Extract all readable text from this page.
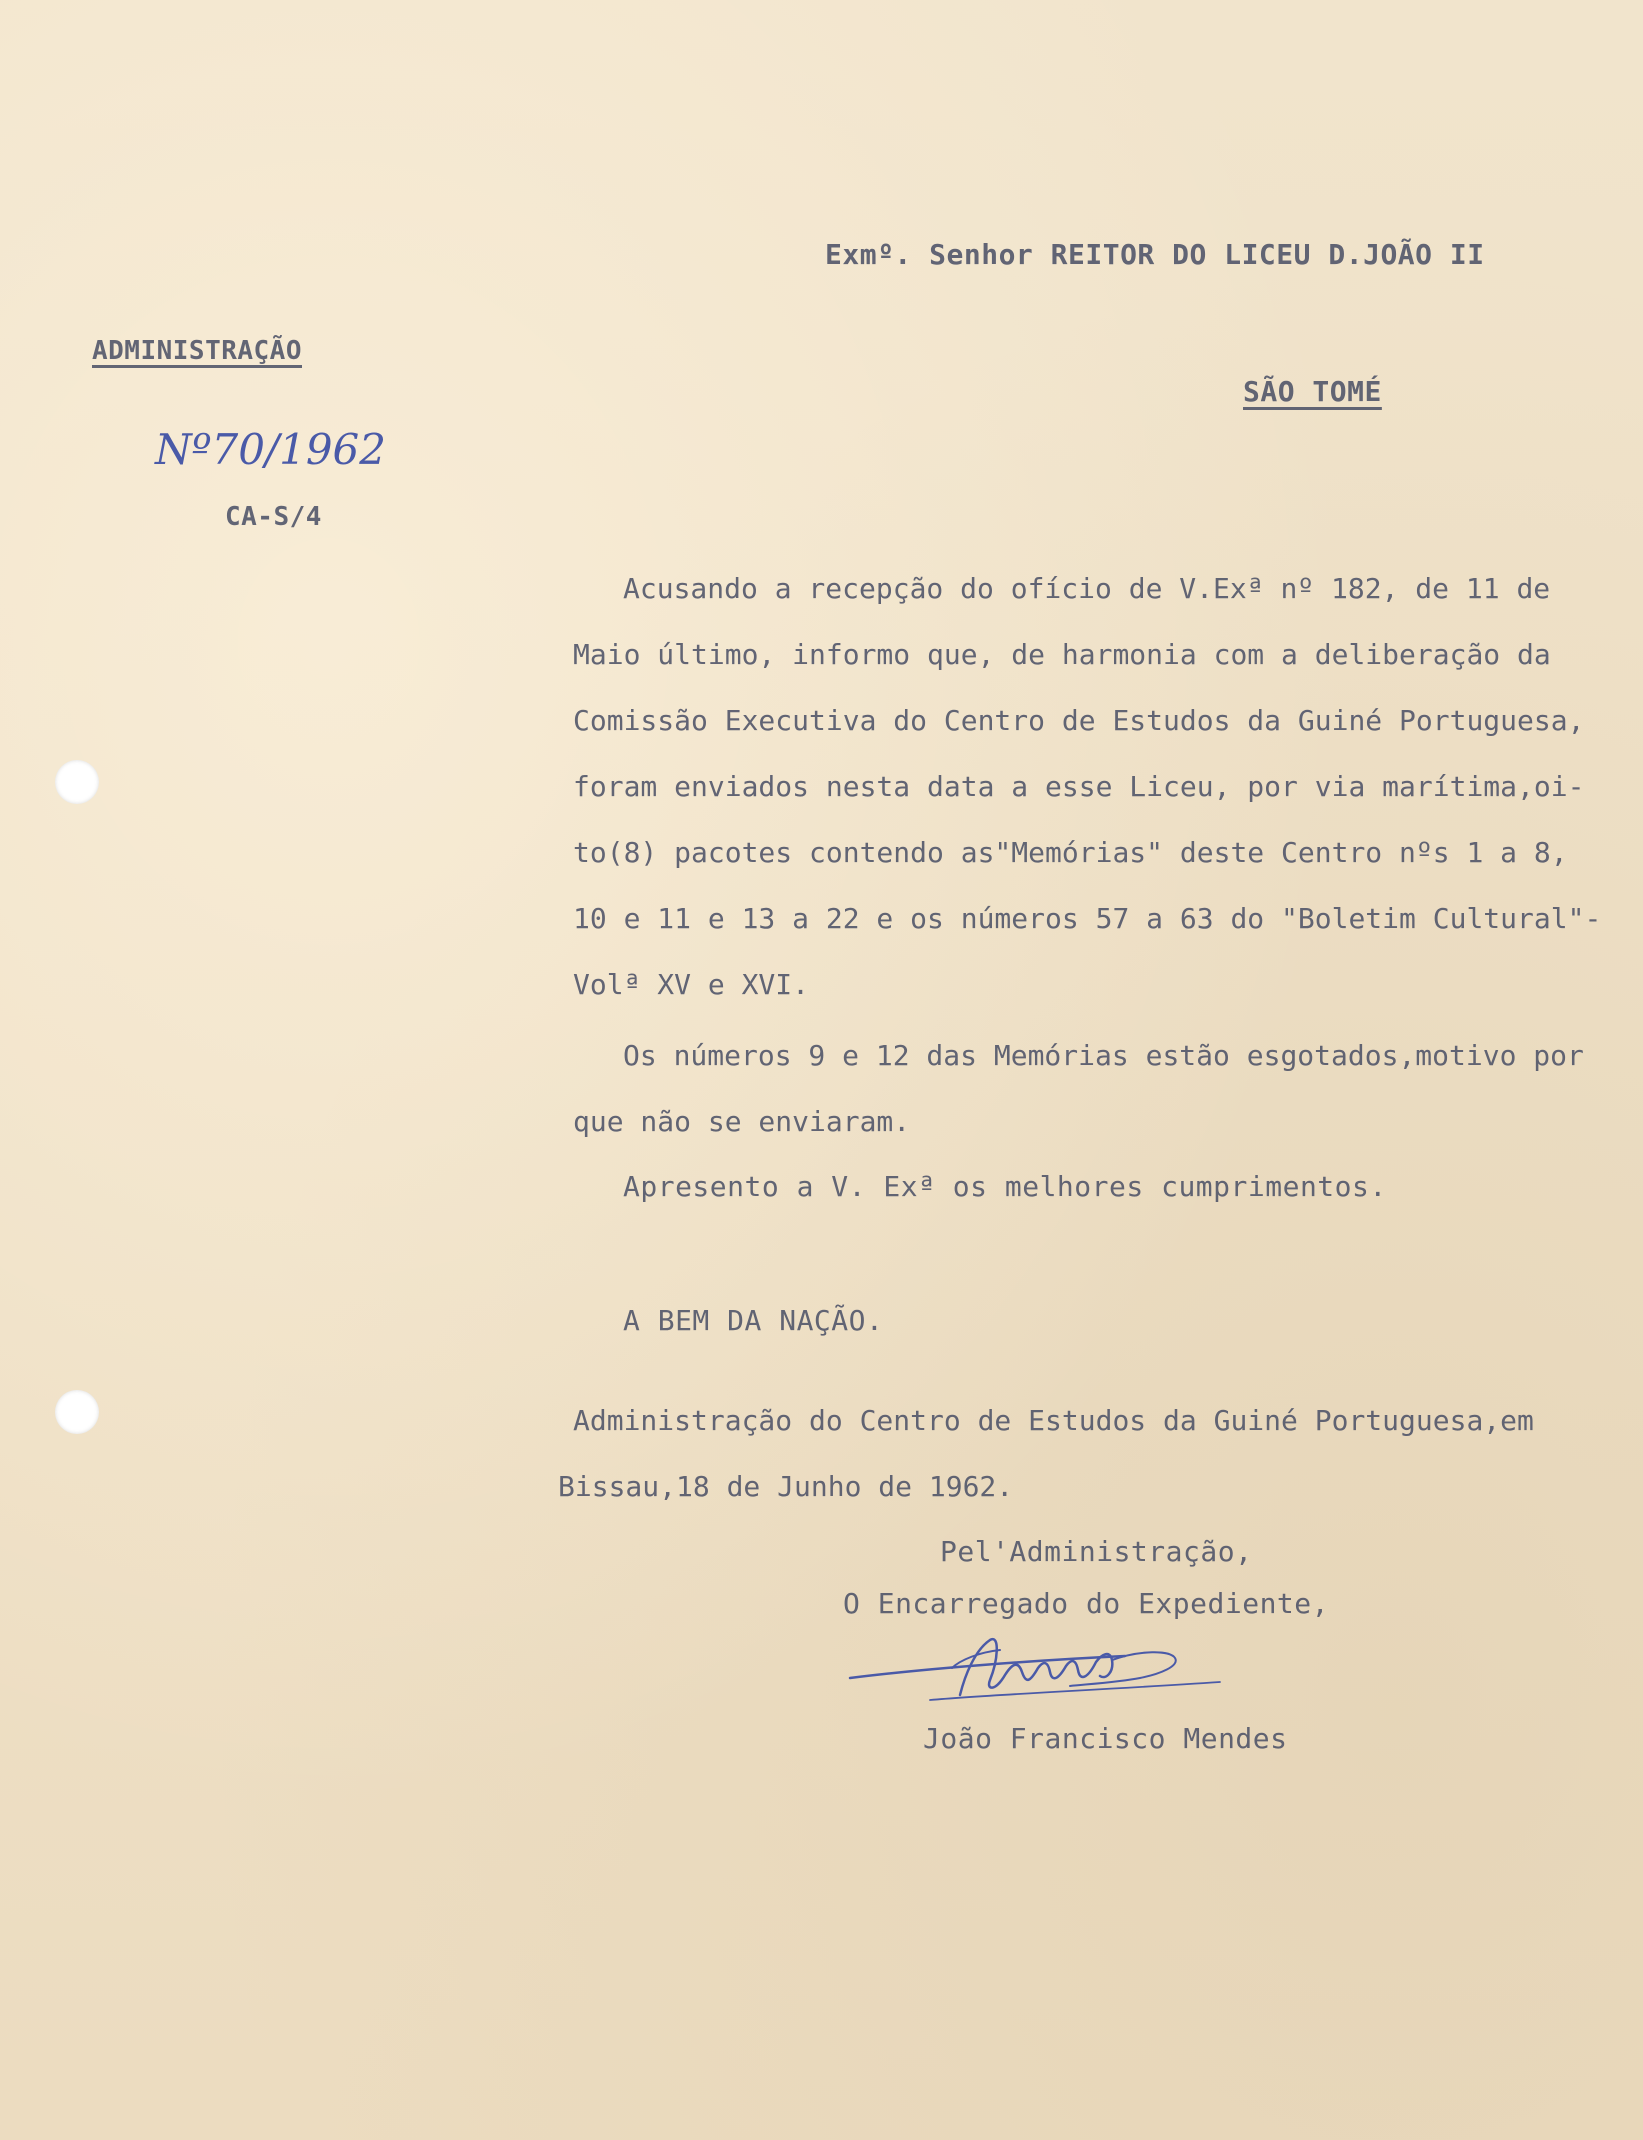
Exmº. Senhor REITOR DO LICEU D.JOÃO II
SÃO TOMÉ
ADMINISTRAÇÃO
Nº70/1962
CA-S/4
Acusando a recepção do ofício de V.Exª nº 182, de 11 de
Maio último, informo que, de harmonia com a deliberação da
Comissão Executiva do Centro de Estudos da Guiné Portuguesa,
foram enviados nesta data a esse Liceu, por via marítima,oi-
to(8) pacotes contendo as"Memórias" deste Centro nºs 1 a 8,
10 e 11 e 13 a 22 e os números 57 a 63 do "Boletim Cultural"-
Volª XV e XVI.
Os números 9 e 12 das Memórias estão esgotados,motivo por
que não se enviaram.
Apresento a V. Exª os melhores cumprimentos.
A BEM DA NAÇÃO.
Administração do Centro de Estudos da Guiné Portuguesa,em
Bissau,18 de Junho de 1962.
Pel'Administração,
O Encarregado do Expediente,
João Francisco Mendes
